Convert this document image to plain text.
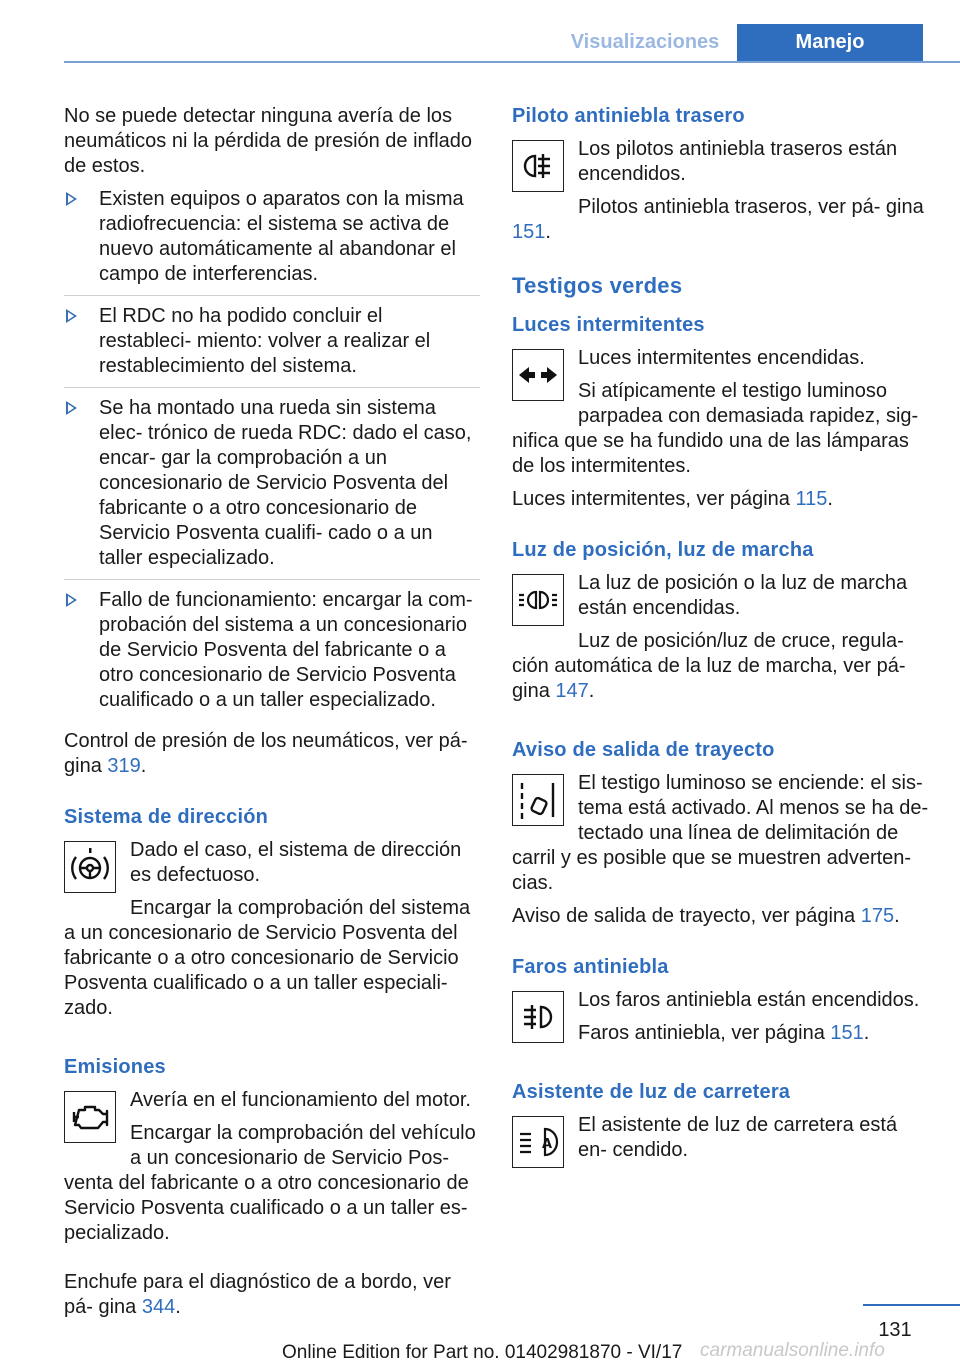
Visualizaciones	Manejo

No se puede detectar ninguna avería de los neumáticos ni la pérdida de presión de inflado de estos.

Existen equipos o aparatos con la misma radiofrecuencia: el sistema se activa de nuevo automáticamente al abandonar el campo de interferencias.
El RDC no ha podido concluir el restableci‐ miento: volver a realizar el restablecimiento del sistema.
Se ha montado una rueda sin sistema elec‐ trónico de rueda RDC: dado el caso, encar‐ gar la comprobación a un concesionario de Servicio Posventa del fabricante o a otro concesionario de Servicio Posventa cualifi‐ cado o a un taller especializado.
Fallo de funcionamiento: encargar la com‐ probación del sistema a un concesionario de Servicio Posventa del fabricante o a otro concesionario de Servicio Posventa cualificado o a un taller especializado.

Control de presión de los neumáticos, ver pá‐ gina 319.

Sistema de dirección

Dado el caso, el sistema de dirección es defectuoso.

Encargar la comprobación del sistema a un concesionario de Servicio Posventa del fabricante o a otro concesionario de Servicio Posventa cualificado o a un taller especiali‐ zado.

Emisiones

Avería en el funcionamiento del motor.

Encargar la comprobación del vehículo a un concesionario de Servicio Pos‐ venta del fabricante o a otro concesionario de Servicio Posventa cualificado o a un taller es‐ pecializado.

Enchufe para el diagnóstico de a bordo, ver pá‐ gina 344.

Piloto antiniebla trasero

Los pilotos antiniebla traseros están encendidos.

Pilotos antiniebla traseros, ver pá‐ gina 151.

Testigos verdes
Luces intermitentes

Luces intermitentes encendidas.

Si atípicamente el testigo luminoso parpadea con demasiada rapidez, sig‐ nifica que se ha fundido una de las lámparas de los intermitentes.

Luces intermitentes, ver página 115.

Luz de posición, luz de marcha

La luz de posición o la luz de marcha están encendidas.

Luz de posición/luz de cruce, regula‐ ción automática de la luz de marcha, ver pá‐ gina 147.

Aviso de salida de trayecto

El testigo luminoso se enciende: el sis‐ tema está activado. Al menos se ha de‐ tectado una línea de delimitación de carril y es posible que se muestren adverten‐ cias.

Aviso de salida de trayecto, ver página 175.

Faros antiniebla

Los faros antiniebla están encendidos.

Faros antiniebla, ver página 151.

Asistente de luz de carretera
A

El asistente de luz de carretera está en‐ cendido.

131
Online Edition for Part no. 01402981870 - VI/17 carmanualsonline.info
